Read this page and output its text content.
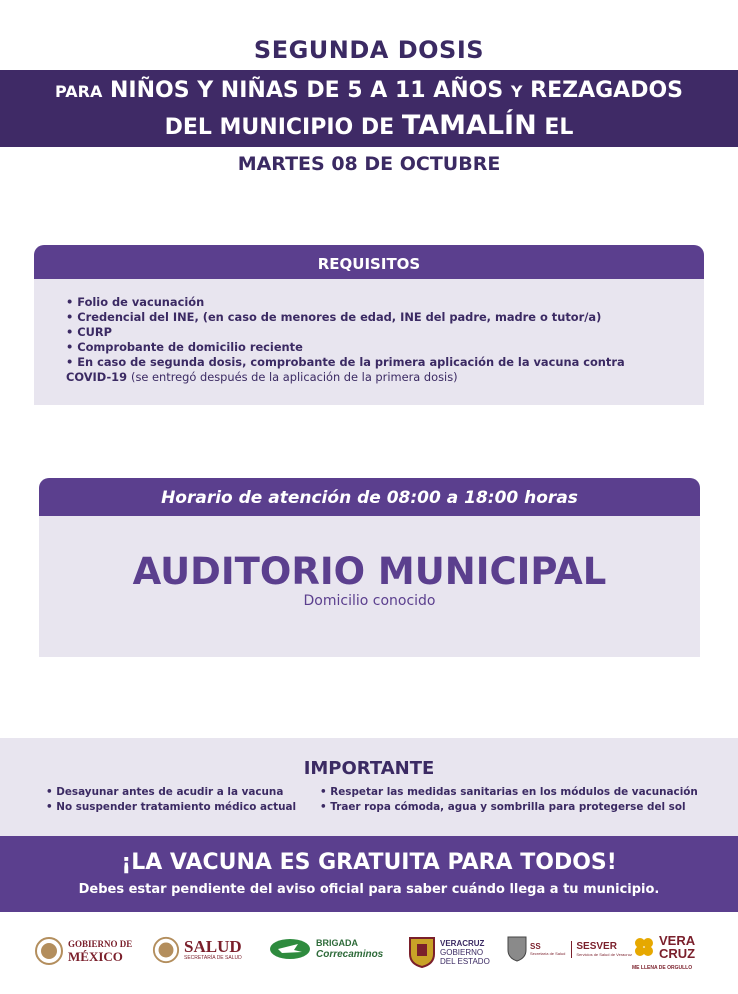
SEGUNDA DOSIS
PARA NIÑOS Y NIÑAS DE 5 A 11 AÑOS Y REZAGADOS
DEL MUNICIPIO DE TAMALÍN EL
MARTES 08 DE OCTUBRE
REQUISITOS
• Folio de vacunación
• Credencial del INE, (en caso de menores de edad, INE del padre, madre o tutor/a)
• CURP
• Comprobante de domicilio reciente
• En caso de segunda dosis, comprobante de la primera aplicación de la vacuna contra
COVID-19 (se entregó después de la aplicación de la primera dosis)
Horario de atención de 08:00 a 18:00 horas
AUDITORIO MUNICIPAL
Domicilio conocido
IMPORTANTE
• Desayunar antes de acudir a la vacuna
• No suspender tratamiento médico actual
• Respetar las medidas sanitarias en los módulos de vacunación
• Traer ropa cómoda, agua y sombrilla para protegerse del sol
¡LA VACUNA ES GRATUITA PARA TODOS!
Debes estar pendiente del aviso oficial para saber cuándo llega a tu municipio.
GOBIERNO DE
MÉXICO	SALUD
SECRETARÍA DE SALUD
BRIGADA
Correcaminos
VERACRUZ
GOBIERNO
DEL ESTADO
SS
Secretaría de Salud
SESVER
Servicios de Salud de Veracruz
VERA
CRUZ
ME LLENA DE ORGULLO
